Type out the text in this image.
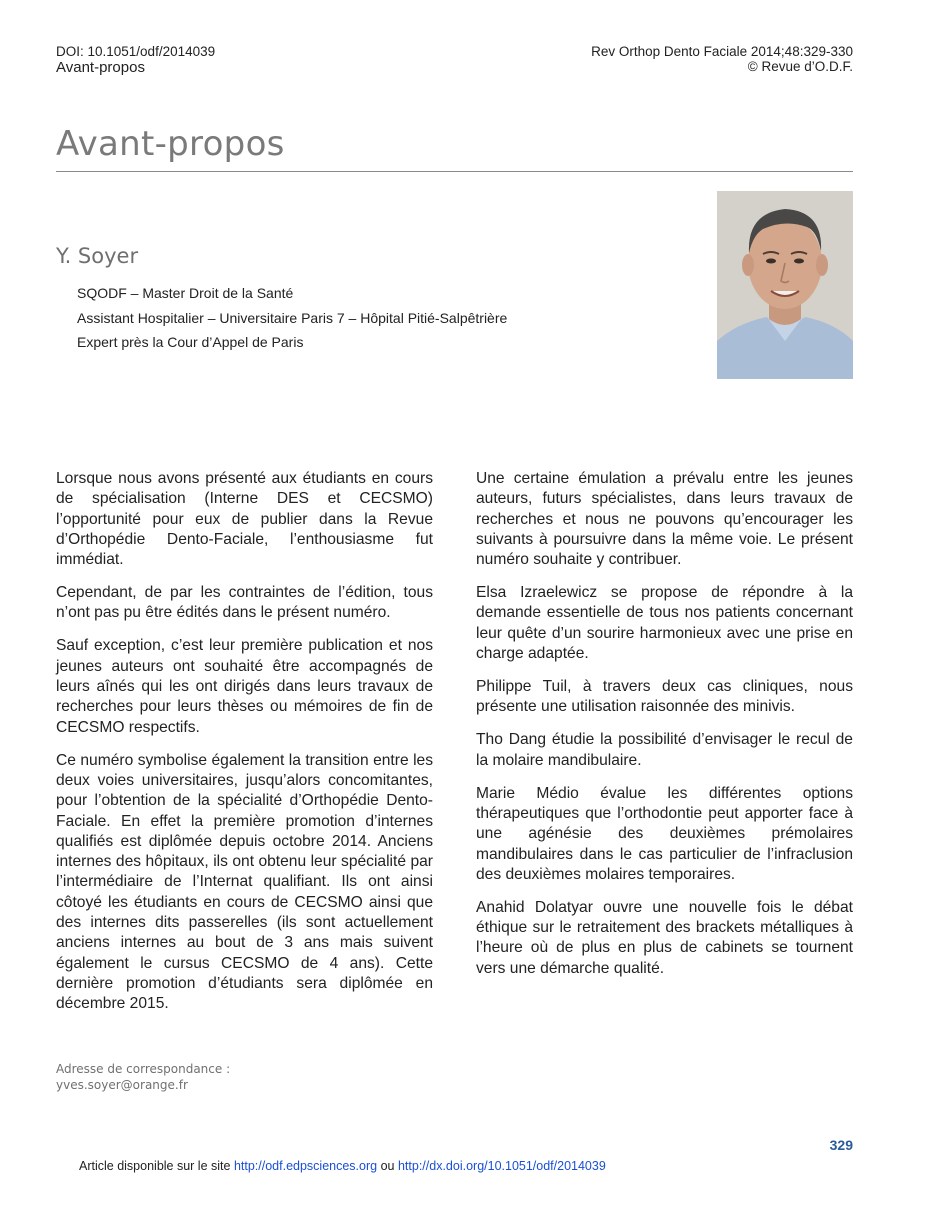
DOI: 10.1051/odf/2014039
Avant-propos
Rev Orthop Dento Faciale 2014;48:329-330
© Revue d’O.D.F.
Avant-propos
Y. Soyer
SQODF – Master Droit de la Santé
Assistant Hospitalier – Universitaire Paris 7 – Hôpital Pitié-Salpêtrière
Expert près la Cour d’Appel de Paris

Lorsque nous avons présenté aux étudiants en cours de spécialisation (Interne DES et CECSMO) l’opportunité pour eux de publier dans la Revue d’Orthopédie Dento-Faciale, l’enthousiasme fut immédiat.

Cependant, de par les contraintes de l’édition, tous n’ont pas pu être édités dans le présent numéro.

Sauf exception, c’est leur première publication et nos jeunes auteurs ont souhaité être accompagnés de leurs aînés qui les ont dirigés dans leurs travaux de recherches pour leurs thèses ou mémoires de fin de CECSMO respectifs.

Ce numéro symbolise également la transition entre les deux voies universitaires, jusqu’alors concomitantes, pour l’obtention de la spécialité d’Orthopédie Dento-Faciale. En effet la première promotion d’internes qualifiés est diplômée depuis octobre 2014. Anciens internes des hôpitaux, ils ont obtenu leur spécialité par l’intermédiaire de l’Internat qualifiant. Ils ont ainsi côtoyé les étudiants en cours de CECSMO ainsi que des internes dits passerelles (ils sont actuellement anciens internes au bout de 3 ans mais suivent également le cursus CECSMO de 4 ans). Cette dernière promotion d’étudiants sera diplômée en décembre 2015.

Une certaine émulation a prévalu entre les jeunes auteurs, futurs spécialistes, dans leurs travaux de recherches et nous ne pouvons qu’encourager les suivants à poursuivre dans la même voie. Le présent numéro souhaite y contribuer.

Elsa Izraelewicz se propose de répondre à la demande essentielle de tous nos patients concernant leur quête d’un sourire harmonieux avec une prise en charge adaptée.

Philippe Tuil, à travers deux cas cliniques, nous présente une utilisation raisonnée des minivis.

Tho Dang étudie la possibilité d’envisager le recul de la molaire mandibulaire.

Marie Médio évalue les différentes options thérapeutiques que l’orthodontie peut apporter face à une agénésie des deuxièmes prémolaires mandibulaires dans le cas particulier de l’infraclusion des deuxièmes molaires temporaires.

Anahid Dolatyar ouvre une nouvelle fois le débat éthique sur le retraitement des brackets métalliques à l’heure où de plus en plus de cabinets se tournent vers une démarche qualité.

Adresse de correspondance :
yves.soyer@orange.fr
329
Article disponible sur le site http://odf.edpsciences.org ou http://dx.doi.org/10.1051/odf/2014039
